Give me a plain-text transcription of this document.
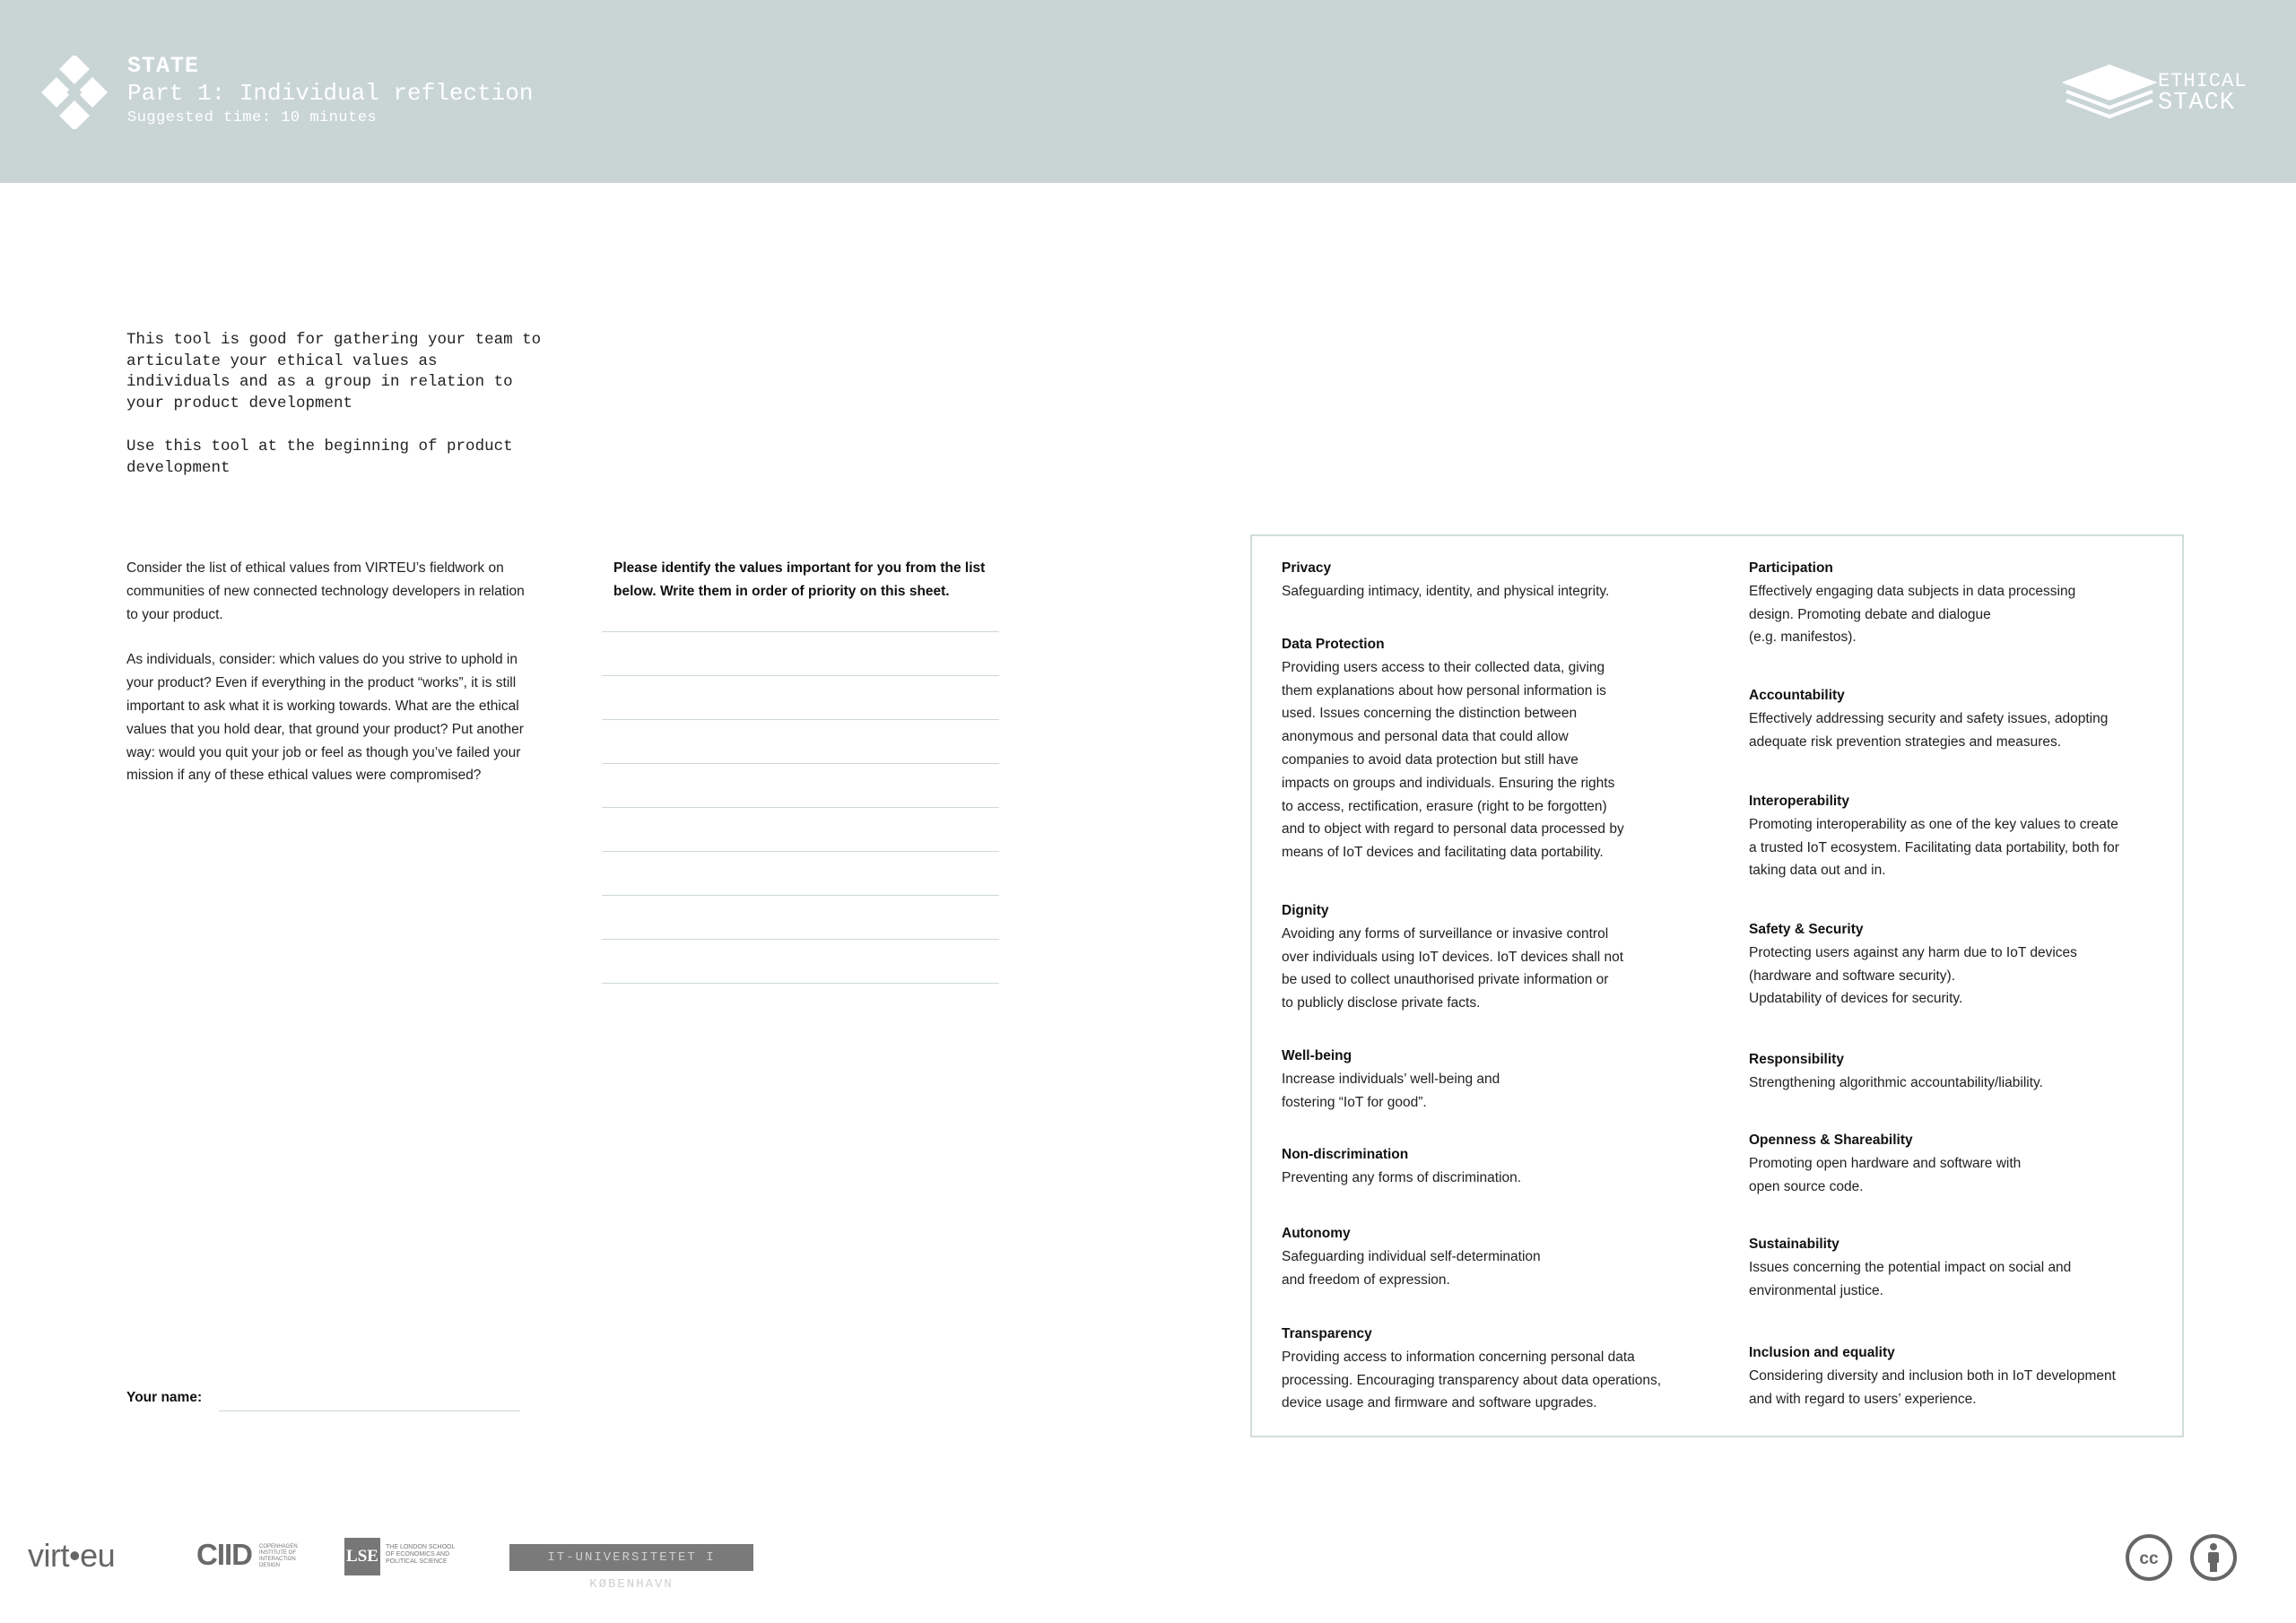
STATE
Part 1: Individual reflection
Suggested time: 10 minutes
ETHICAL
STACK

This tool is good for gathering your team to articulate your ethical values as individuals and as a group in relation to your product development

Use this tool at the beginning of product development

Consider the list of ethical values from VIRTEU’s fieldwork on communities of new connected technology developers in relation to your product.

As individuals, consider: which values do you strive to uphold in your product? Even if everything in the product “works”, it is still important to ask what it is working towards. What are the ethical values that you hold dear, that ground your product? Put another way: would you quit your job or feel as though you’ve failed your mission if any of these ethical values were compromised?

Please identify the values important for you from the list below. Write them in order of priority on this sheet.
Your name:
Privacy
Safeguarding intimacy, identity, and physical integrity.
Data Protection
Providing users access to their collected data, giving
them explanations about how personal information is
used. Issues concerning the distinction between
anonymous and personal data that could allow
companies to avoid data protection but still have
impacts on groups and individuals. Ensuring the rights
to access, rectification, erasure (right to be forgotten)
and to object with regard to personal data processed by
means of IoT devices and facilitating data portability.
Dignity
Avoiding any forms of surveillance or invasive control
over individuals using IoT devices. IoT devices shall not
be used to collect unauthorised private information or
to publicly disclose private facts.
Well-being
Increase individuals’ well-being and
fostering “IoT for good”.
Non-discrimination
Preventing any forms of discrimination.
Autonomy
Safeguarding individual self-determination
and freedom of expression.
Transparency
Providing access to information concerning personal data
processing. Encouraging transparency about data operations,
device usage and firmware and software upgrades.
Participation
Effectively engaging data subjects in data processing
design. Promoting debate and dialogue
(e.g. manifestos).
Accountability
Effectively addressing security and safety issues, adopting
adequate risk prevention strategies and measures.
Interoperability
Promoting interoperability as one of the key values to create
a trusted IoT ecosystem. Facilitating data portability, both for
taking data out and in.
Safety & Security
Protecting users against any harm due to IoT devices
(hardware and software security).
Updatability of devices for security.
Responsibility
Strengthening algorithmic accountability/liability.
Openness & Shareability
Promoting open hardware and software with
open source code.
Sustainability
Issues concerning the potential impact on social and
environmental justice.
Inclusion and equality
Considering diversity and inclusion both in IoT development
and with regard to users’ experience.
virt•eu	CIID COPENHAGEN INSTITUTE OF INTERACTION DESIGN	LSE THE LONDON SCHOOL OF ECONOMICS AND POLITICAL SCIENCE	IT-UNIVERSITETET I KØBENHAVN
cc
